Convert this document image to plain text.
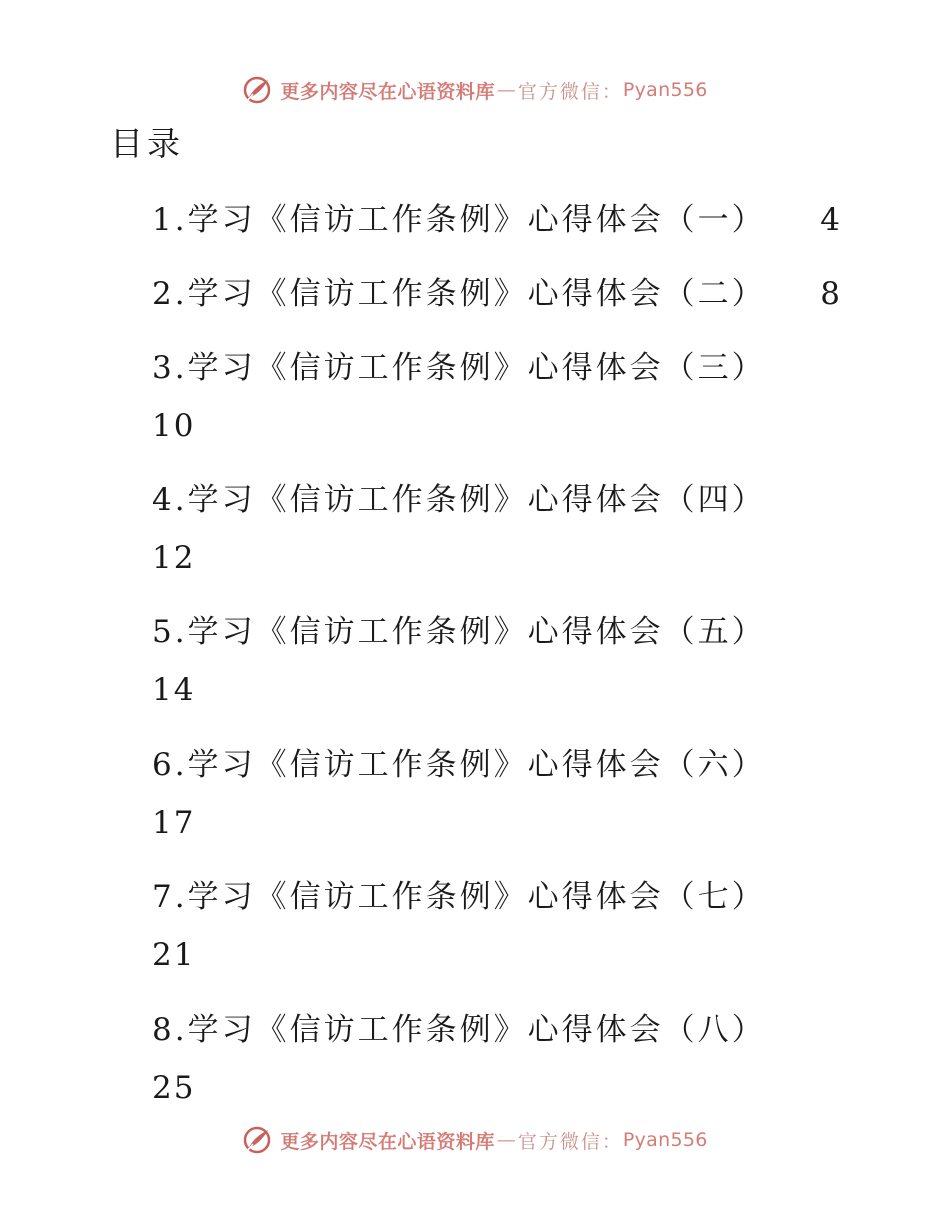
更多内容尽在心语资料库 — 官方微信： Pyan556
目录
1.学习《信访工作条例》心得体会（一） 4
2.学习《信访工作条例》心得体会（二） 8
3.学习《信访工作条例》心得体会（三）
10
4.学习《信访工作条例》心得体会（四）
12
5.学习《信访工作条例》心得体会（五）
14
6.学习《信访工作条例》心得体会（六）
17
7.学习《信访工作条例》心得体会（七）
21
8.学习《信访工作条例》心得体会（八）
25
更多内容尽在心语资料库 — 官方微信： Pyan556
